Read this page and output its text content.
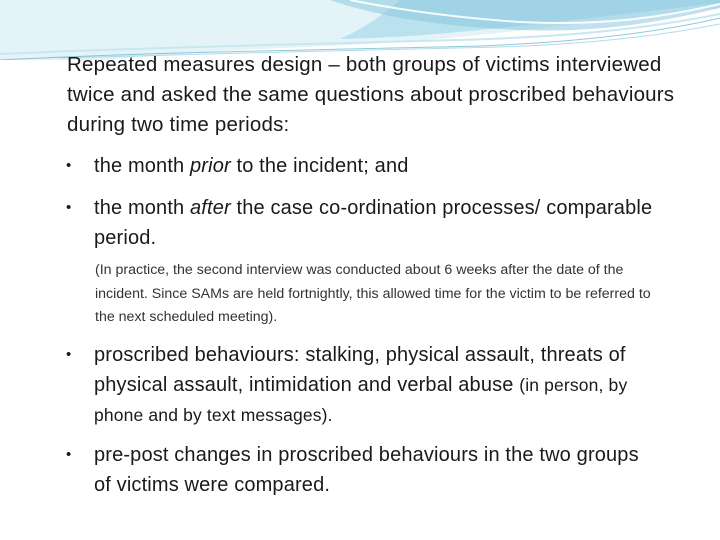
Repeated measures design – both groups of victims interviewed twice and asked the same questions about proscribed behaviours during two time periods:
• the month prior to the incident; and
• the month after the case co-ordination processes/ comparable period.
(In practice, the second interview was conducted about 6 weeks after the date of the incident. Since SAMs are held fortnightly, this allowed time for the victim to be referred to the next scheduled meeting).
• proscribed behaviours: stalking, physical assault, threats of physical assault, intimidation and verbal abuse (in person, by phone and by text messages).
• pre-post changes in proscribed behaviours in the two groups of victims were compared.
